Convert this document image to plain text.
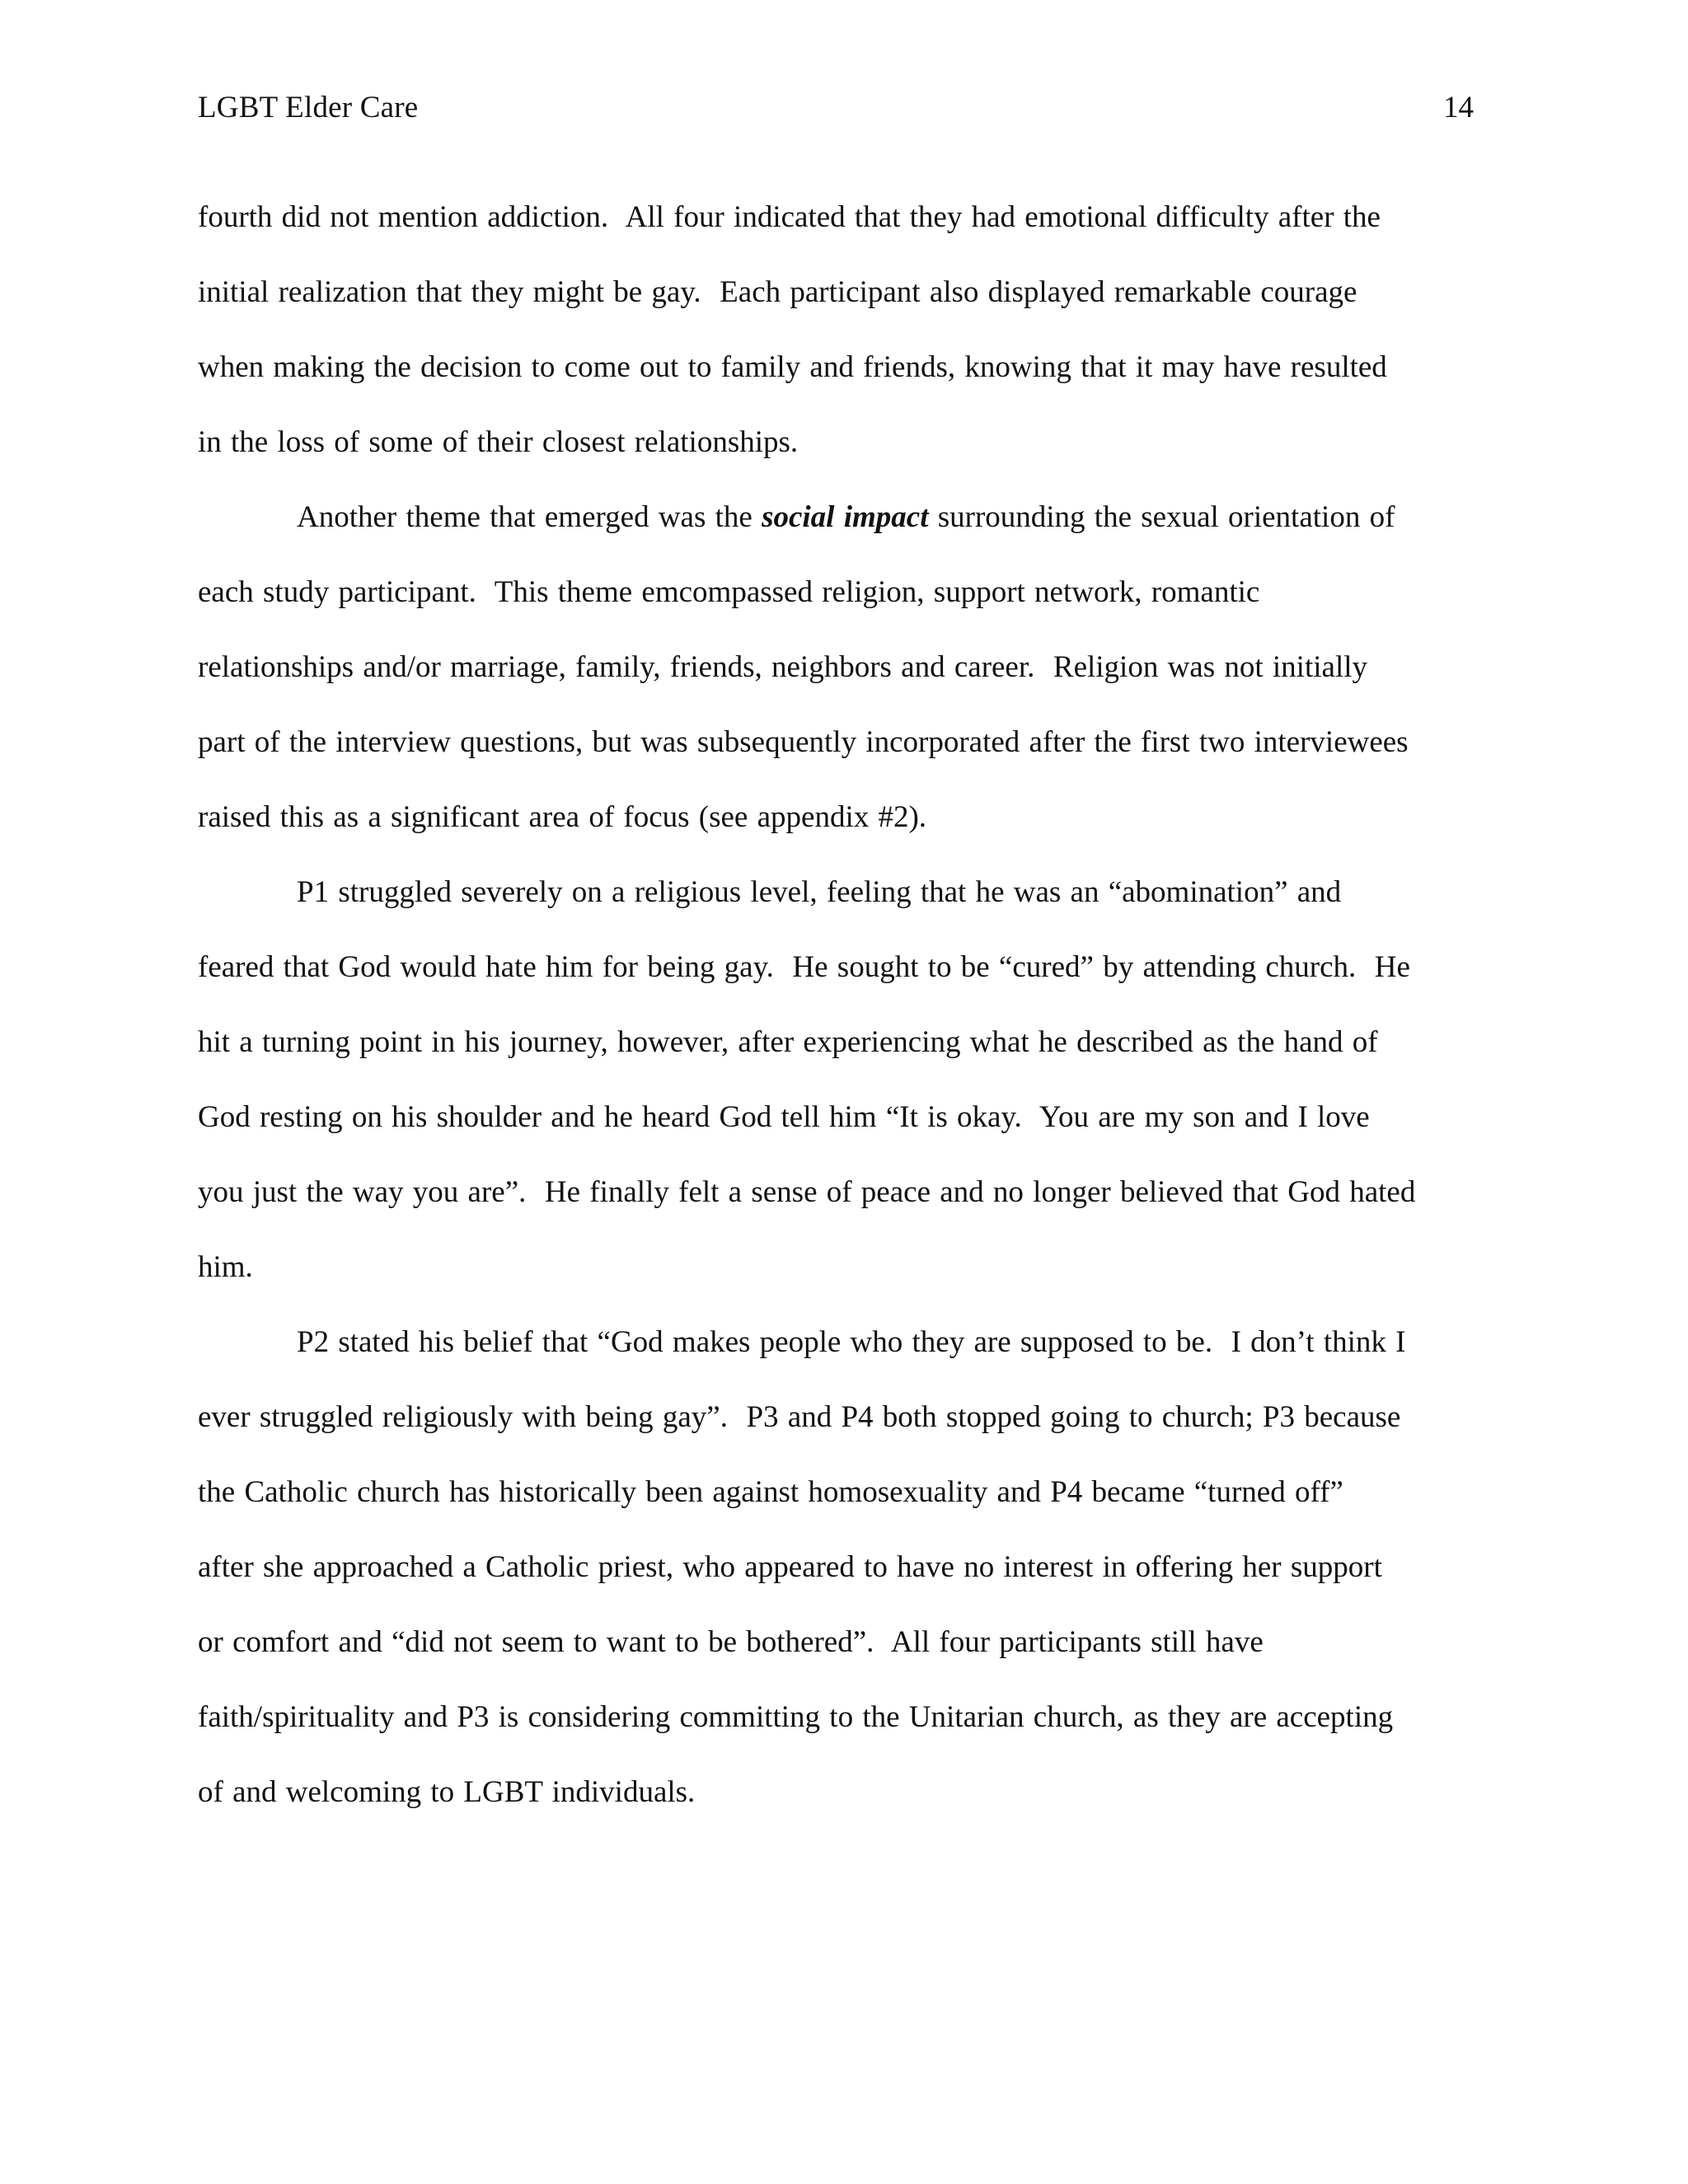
LGBT Elder Care	14
fourth did not mention addiction.  All four indicated that they had emotional difficulty after the
initial realization that they might be gay.  Each participant also displayed remarkable courage
when making the decision to come out to family and friends, knowing that it may have resulted
in the loss of some of their closest relationships.
Another theme that emerged was the social impact surrounding the sexual orientation of
each study participant.  This theme emcompassed religion, support network, romantic
relationships and/or marriage, family, friends, neighbors and career.  Religion was not initially
part of the interview questions, but was subsequently incorporated after the first two interviewees
raised this as a significant area of focus (see appendix #2).
P1 struggled severely on a religious level, feeling that he was an “abomination” and
feared that God would hate him for being gay.  He sought to be “cured” by attending church.  He
hit a turning point in his journey, however, after experiencing what he described as the hand of
God resting on his shoulder and he heard God tell him “It is okay.  You are my son and I love
you just the way you are”.  He finally felt a sense of peace and no longer believed that God hated
him.
P2 stated his belief that “God makes people who they are supposed to be.  I don’t think I
ever struggled religiously with being gay”.  P3 and P4 both stopped going to church; P3 because
the Catholic church has historically been against homosexuality and P4 became “turned off”
after she approached a Catholic priest, who appeared to have no interest in offering her support
or comfort and “did not seem to want to be bothered”.  All four participants still have
faith/spirituality and P3 is considering committing to the Unitarian church, as they are accepting
of and welcoming to LGBT individuals.
